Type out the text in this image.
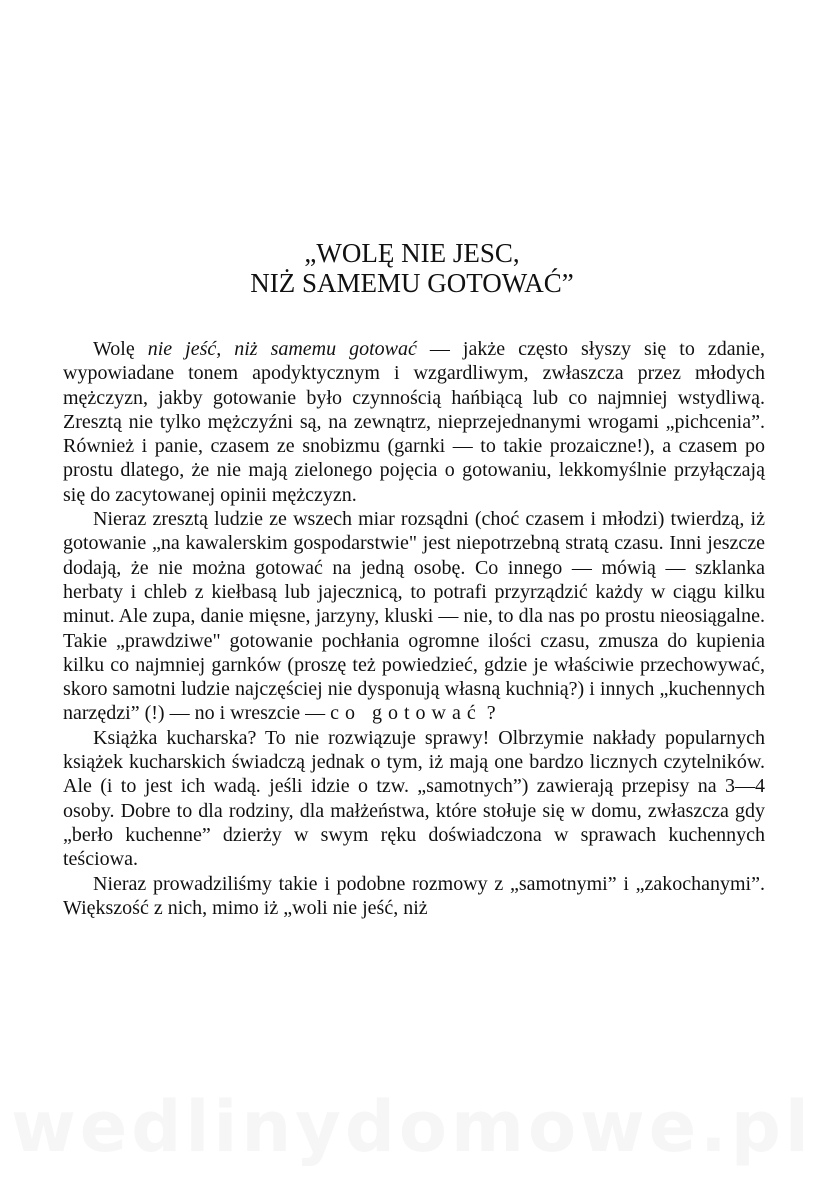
„WOLĘ NIE JESC,
NIŻ SAMEMU GOTOWAĆ”

Wolę nie jeść, niż samemu gotować — jakże często słyszy się to zdanie, wypowiadane tonem apodyktycznym i wzgardliwym, zwłaszcza przez młodych mężczyzn, jakby gotowanie było czynnością hańbiącą lub co najmniej wstydliwą. Zresztą nie tylko mężczyźni są, na zewnątrz, nieprzejednanymi wrogami „pichcenia”. Również i panie, czasem ze snobizmu (garnki — to takie prozaiczne!), a czasem po prostu dlatego, że nie mają zielonego pojęcia o gotowaniu, lekkomyślnie przyłączają się do zacytowanej opinii mężczyzn.

Nieraz zresztą ludzie ze wszech miar rozsądni (choć czasem i młodzi) twierdzą, iż gotowanie „na kawalerskim gospodarstwie" jest niepotrzebną stratą czasu. Inni jeszcze dodają, że nie można gotować na jedną osobę. Co innego — mówią — szklanka herbaty i chleb z kiełbasą lub jajecznicą, to potrafi przyrządzić każdy w ciągu kilku minut. Ale zupa, danie mięsne, jarzyny, kluski — nie, to dla nas po prostu nieosiągalne. Takie „prawdziwe" gotowanie pochłania ogromne ilości czasu, zmusza do kupienia kilku co najmniej garnków (proszę też powiedzieć, gdzie je właściwie przechowywać, skoro samotni ludzie najczęściej nie dysponują własną kuchnią?) i innych „kuchennych narzędzi” (!) — no i wreszcie — co gotować ?

Książka kucharska? To nie rozwiązuje sprawy! Olbrzymie nakłady popularnych książek kucharskich świadczą jednak o tym, iż mają one bardzo licznych czytelników. Ale (i to jest ich wadą. jeśli idzie o tzw. „samotnych”) zawierają przepisy na 3—4 osoby. Dobre to dla rodziny, dla małżeństwa, które stołuje się w domu, zwłaszcza gdy „berło kuchenne” dzierży w swym ręku doświadczona w sprawach kuchennych teściowa.

Nieraz prowadziliśmy takie i podobne rozmowy z „samotnymi” i „zakochanymi”. Większość z nich, mimo iż „woli nie jeść, niż

wedlinydomowe.pl
